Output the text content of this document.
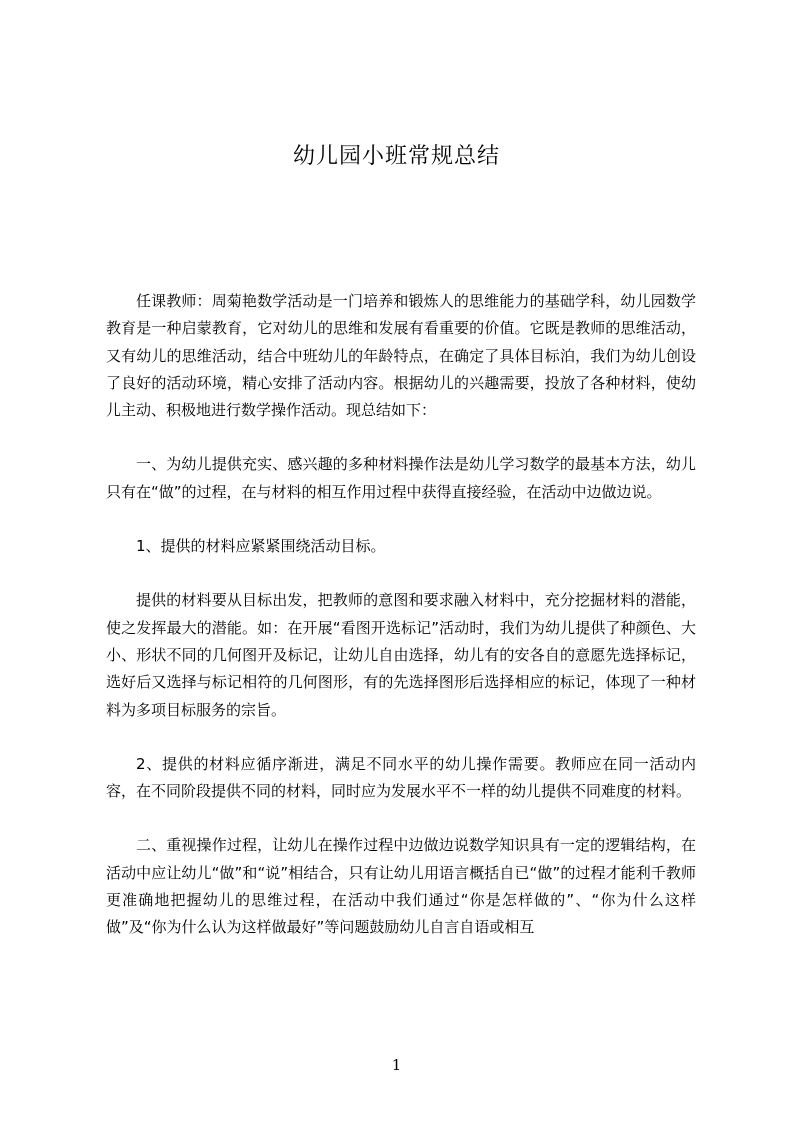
幼儿园小班常规总结

任课教师：周菊艳数学活动是一门培养和锻炼人的思维能力的基础学科，幼儿园数学教育是一种启蒙教育，它对幼儿的思维和发展有看重要的价值。它既是教师的思维活动，又有幼儿的思维活动，结合中班幼儿的年龄特点，在确定了具体目标泊，我们为幼儿创设了良好的活动环境，精心安排了活动内容。根据幼儿的兴趣需要，投放了各种材料，使幼儿主动、积极地进行数学操作活动。现总结如下：

一、为幼儿提供充实、感兴趣的多种材料操作法是幼儿学习数学的最基本方法，幼儿只有在“做”的过程，在与材料的相互作用过程中获得直接经验，在活动中边做边说。

1、提供的材料应紧紧围绕活动目标。

提供的材料要从目标出发，把教师的意图和要求融入材料中，充分挖掘材料的潜能，使之发挥最大的潜能。如：在开展“看图开选标记”活动时，我们为幼儿提供了种颜色、大小、形状不同的几何图开及标记，让幼儿自由选择，幼儿有的安各自的意愿先选择标记，选好后又选择与标记相符的几何图形，有的先选择图形后选择相应的标记，体现了一种材料为多项目标服务的宗旨。

2、提供的材料应循序渐进，满足不同水平的幼儿操作需要。教师应在同一活动内容，在不同阶段提供不同的材料，同时应为发展水平不一样的幼儿提供不同难度的材料。

二、重视操作过程，让幼儿在操作过程中边做边说数学知识具有一定的逻辑结构，在活动中应让幼儿“做”和“说”相结合，只有让幼儿用语言概括自已“做”的过程才能利千教师更准确地把握幼儿的思维过程，在活动中我们通过“你是怎样做的”、“你为什么这样做”及“你为什么认为这样做最好”等问题鼓励幼儿自言自语或相互

1
